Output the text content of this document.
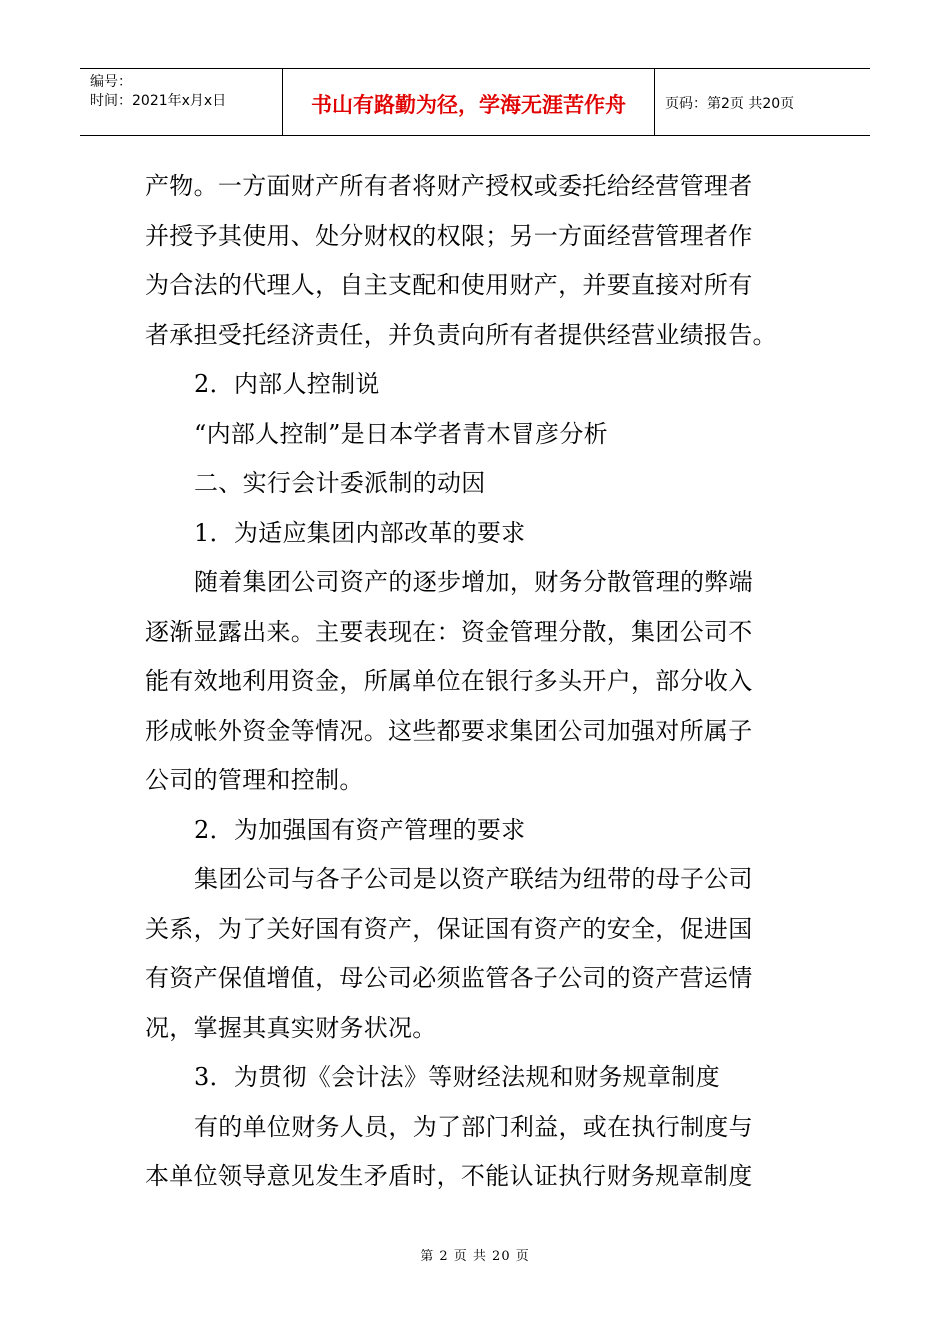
编号：
时间：2021年x月x日	书山有路勤为径，学海无涯苦作舟	页码：第2页 共20页

产物。一方面财产所有者将财产授权或委托给经营管理者

并授予其使用、处分财权的权限；另一方面经营管理者作

为合法的代理人，自主支配和使用财产，并要直接对所有

者承担受托经济责任，并负责向所有者提供经营业绩报告。

2．内部人控制说

“内部人控制”是日本学者青木冒彦分析

二、实行会计委派制的动因

1．为适应集团内部改革的要求

随着集团公司资产的逐步增加，财务分散管理的弊端

逐渐显露出来。主要表现在：资金管理分散，集团公司不

能有效地利用资金，所属单位在银行多头开户，部分收入

形成帐外资金等情况。这些都要求集团公司加强对所属子

公司的管理和控制。

2．为加强国有资产管理的要求

集团公司与各子公司是以资产联结为纽带的母子公司

关系，为了关好国有资产，保证国有资产的安全，促进国

有资产保值增值，母公司必须监管各子公司的资产营运情

况，掌握其真实财务状况。

3．为贯彻《会计法》等财经法规和财务规章制度

有的单位财务人员，为了部门利益，或在执行制度与

本单位领导意见发生矛盾时，不能认证执行财务规章制度

第 2 页 共 20 页
